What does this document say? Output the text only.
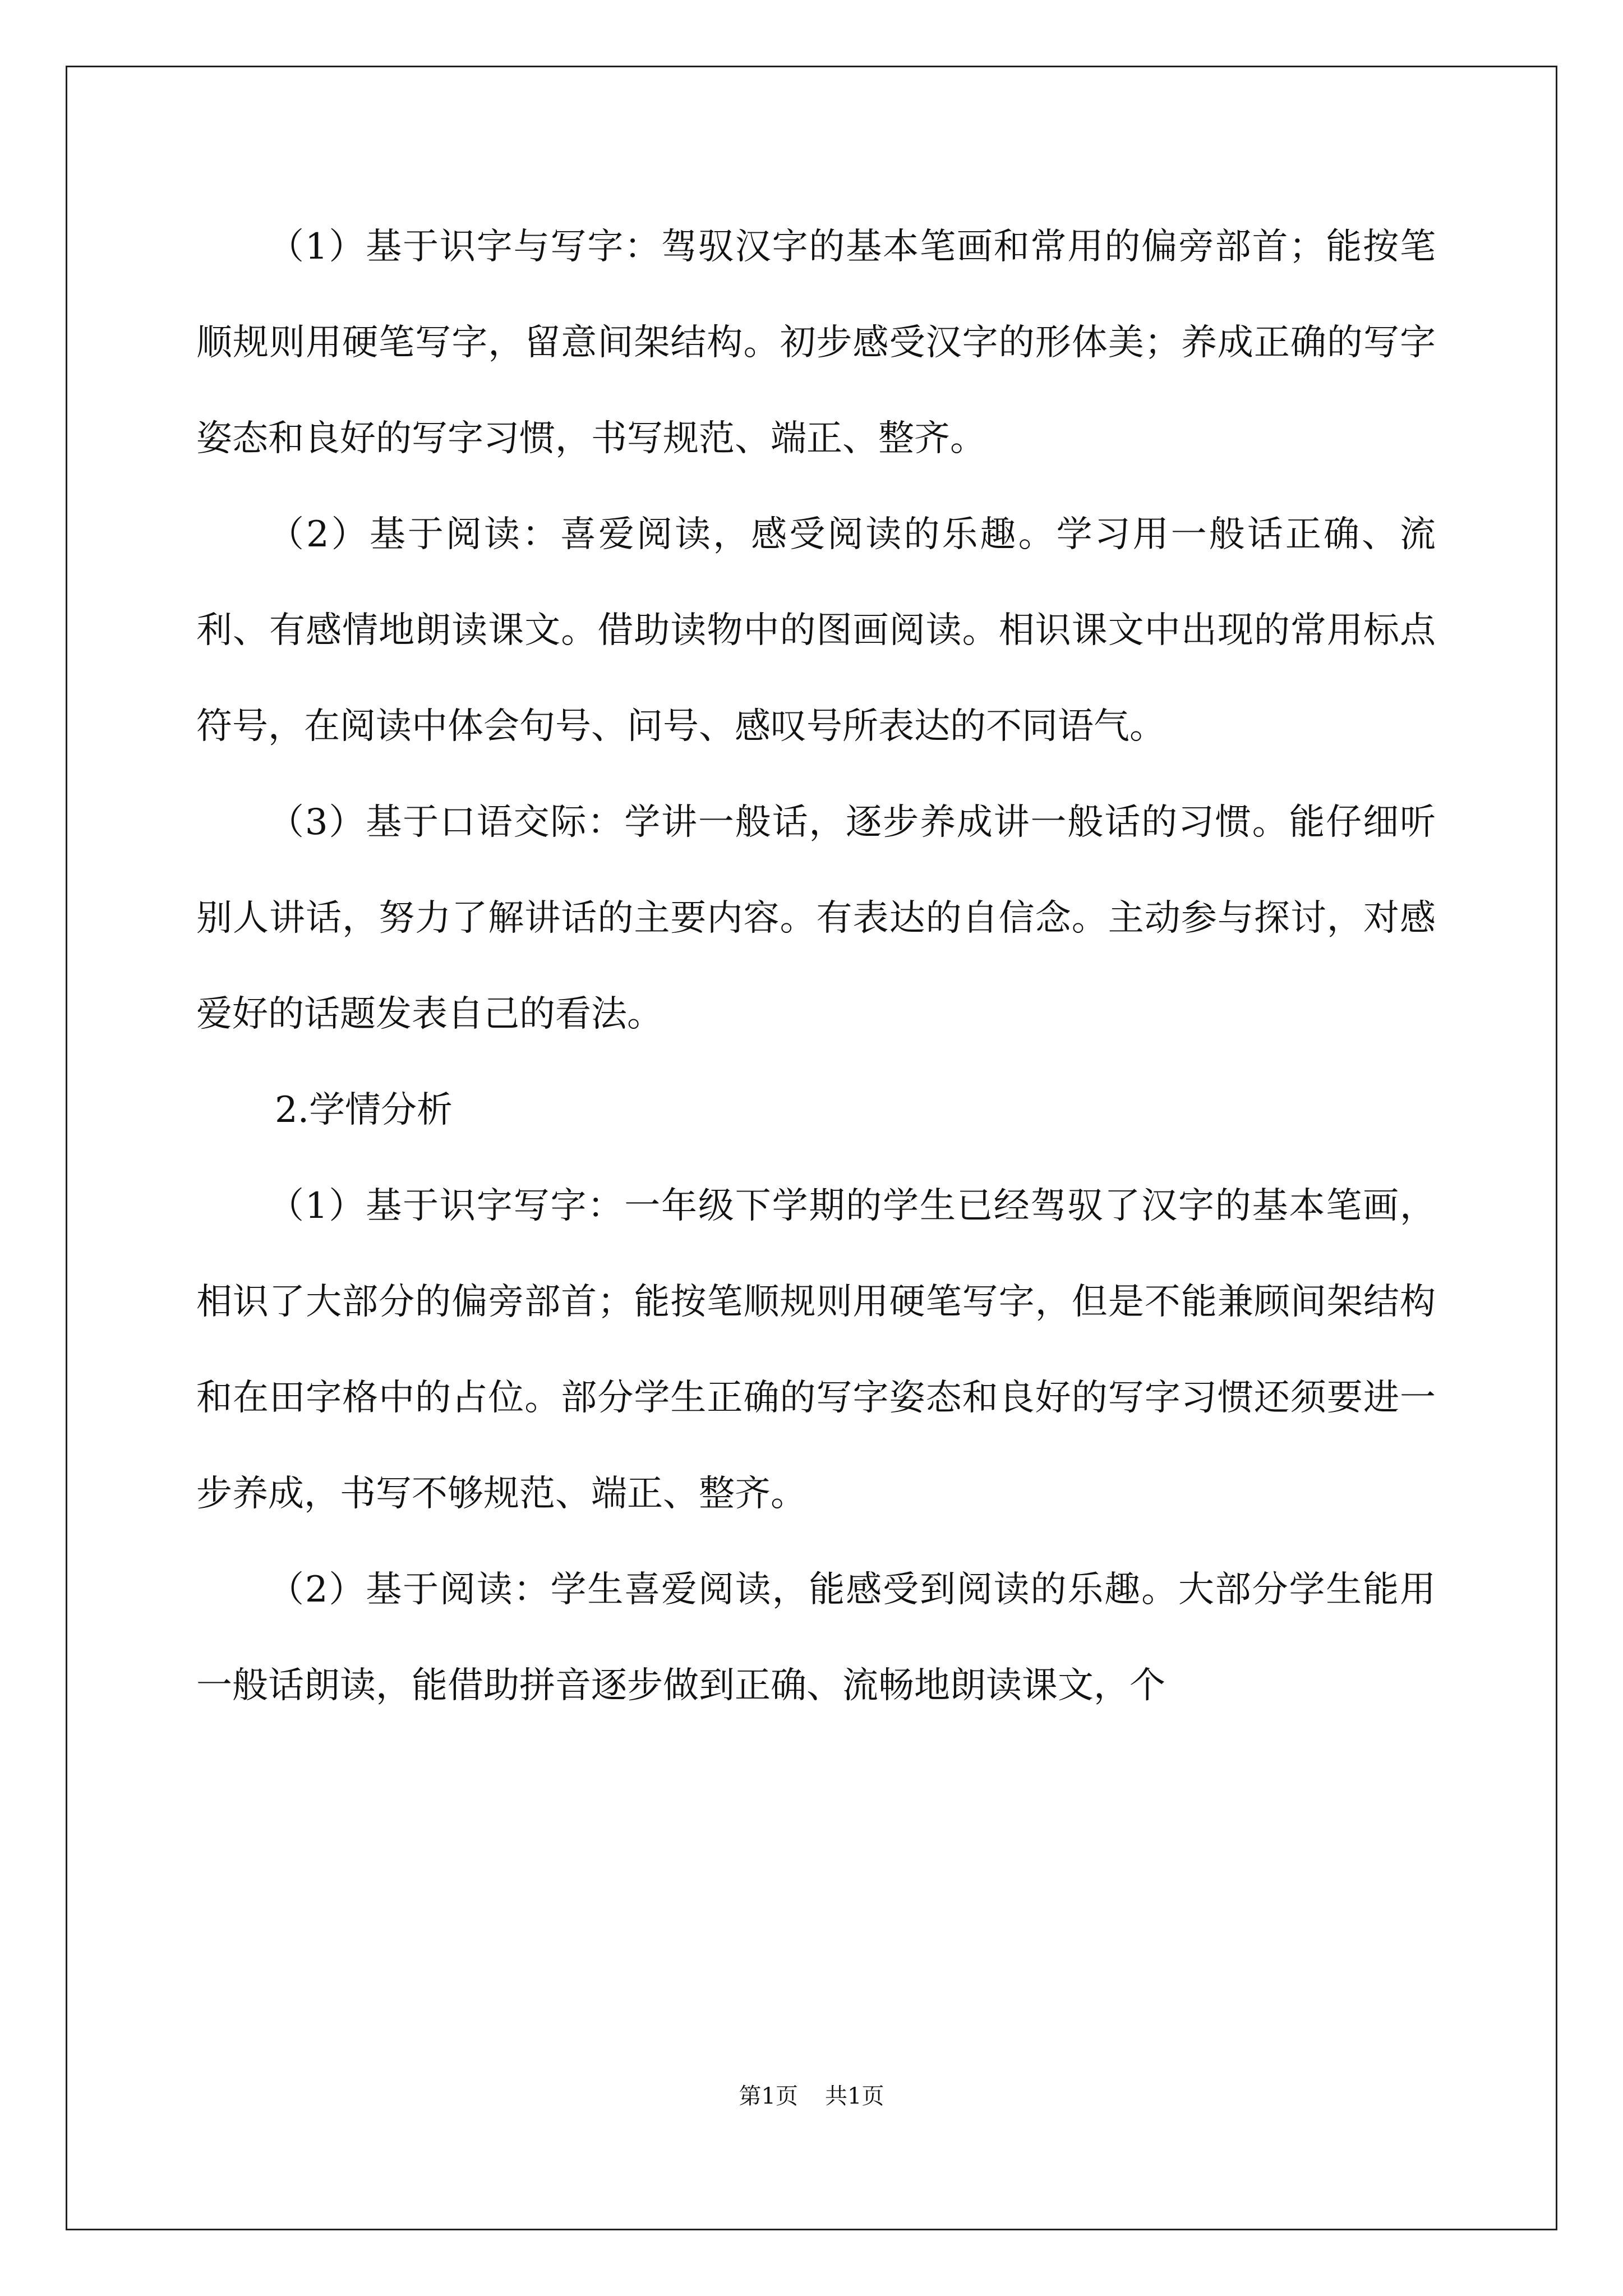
（1）基于识字与写字：驾驭汉字的基本笔画和常用的偏旁部首；能按笔顺规则用硬笔写字，留意间架结构。初步感受汉字的形体美；养成正确的写字姿态和良好的写字习惯，书写规范、端正、整齐。

（2）基于阅读：喜爱阅读，感受阅读的乐趣。学习用一般话正确、流利、有感情地朗读课文。借助读物中的图画阅读。相识课文中出现的常用标点符号，在阅读中体会句号、问号、感叹号所表达的不同语气。

（3）基于口语交际：学讲一般话，逐步养成讲一般话的习惯。能仔细听别人讲话，努力了解讲话的主要内容。有表达的自信念。主动参与探讨，对感爱好的话题发表自己的看法。

2.学情分析

（1）基于识字写字：一年级下学期的学生已经驾驭了汉字的基本笔画，相识了大部分的偏旁部首；能按笔顺规则用硬笔写字，但是不能兼顾间架结构和在田字格中的占位。部分学生正确的写字姿态和良好的写字习惯还须要进一步养成，书写不够规范、端正、整齐。

（2）基于阅读：学生喜爱阅读，能感受到阅读的乐趣。大部分学生能用一般话朗读，能借助拼音逐步做到正确、流畅地朗读课文，个

第1页 共1页
